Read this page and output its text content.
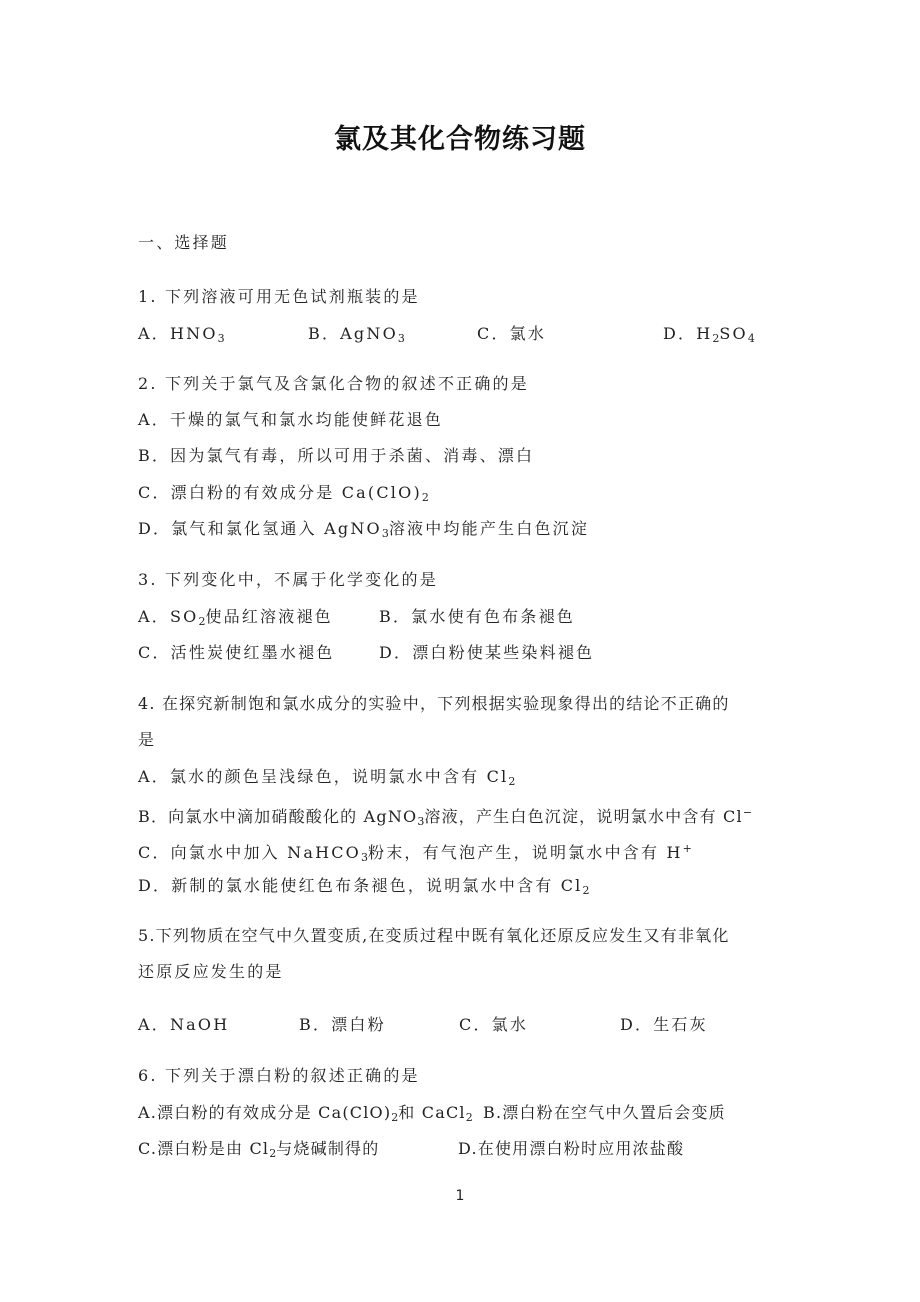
氯及其化合物练习题
一、选择题
1. 下列溶液可用无色试剂瓶装的是
A．$HNO_3$	B．AgNO$_3$	C．氯水	D．$H_2SO_4$
2. 下列关于氯气及含氯化合物的叙述不正确的是
A．干燥的氯气和氯水均能使鲜花退色
B．因为氯气有毒，所以可用于杀菌、消毒、漂白
C．漂白粉的有效成分是 $Ca(ClO)_2$
D．氯气和氯化氢通入 AgNO$_3$溶液中均能产生白色沉淀
3. 下列变化中，不属于化学变化的是
A．$SO_2$使品红溶液褪色	B．氯水使有色布条褪色
C．活性炭使红墨水褪色	D．漂白粉使某些染料褪色
4. 在探究新制饱和氯水成分的实验中，下列根据实验现象得出的结论不正确的
是
A．氯水的颜色呈浅绿色，说明氯水中含有 $Cl_2$
B．向氯水中滴加硝酸酸化的 AgNO$_3$溶液，产生白色沉淀，说明氯水中含有 Cl−
C．向氯水中加入 NaHCO$_3$粉末，有气泡产生，说明氯水中含有 H+
D．新制的氯水能使红色布条褪色，说明氯水中含有 $Cl_2$
5.下列物质在空气中久置变质,在变质过程中既有氧化还原反应发生又有非氧化
还原反应发生的是
A．NaOH	B．漂白粉	C．氯水	D．生石灰
6. 下列关于漂白粉的叙述正确的是
A.漂白粉的有效成分是 $Ca(ClO)_2$和 CaCl$_2$ B.漂白粉在空气中久置后会变质
C.漂白粉是由 $Cl_2$与烧碱制得的	D.在使用漂白粉时应用浓盐酸
1
